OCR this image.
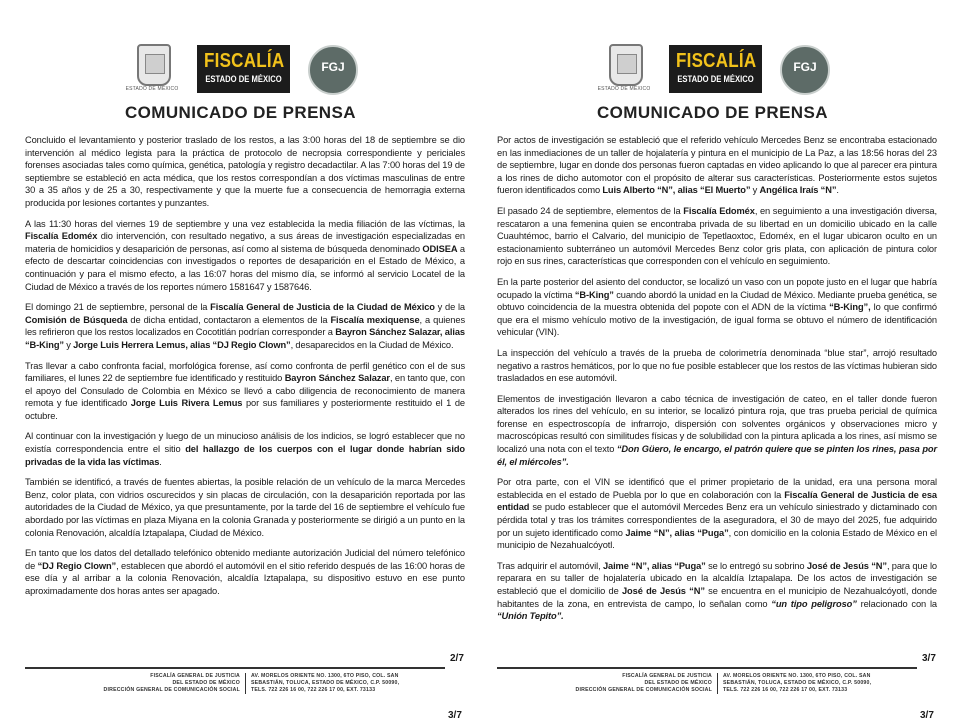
ESTADO DE MÉXICO
FISCALÍA
ESTADO DE MÉXICO
FGJ
COMUNICADO DE PRENSA

Concluido el levantamiento y posterior traslado de los restos, a las 3:00 horas del 18 de septiembre se dio intervención al médico legista para la práctica de protocolo de necropsia correspondiente y periciales forenses asociadas tales como química, genética, patología y registro decadactilar. A las 7:00 horas del 19 de septiembre se estableció en acta médica, que los restos correspondían a dos víctimas masculinas de entre 30 a 35 años y de 25 a 30, respectivamente y que la muerte fue a consecuencia de hemorragia externa producida por lesiones cortantes y punzantes.

A las 11:30 horas del viernes 19 de septiembre y una vez establecida la media filiación de las víctimas, la Fiscalía Edoméx dio intervención, con resultado negativo, a sus áreas de investigación especializadas en materia de homicidios y desaparición de personas, así como al sistema de búsqueda denominado ODISEA a efecto de descartar coincidencias con investigados o reportes de desaparición en el Estado de México, a continuación y para el mismo efecto, a las 16:07 horas del mismo día, se informó al servicio Locatel de la Ciudad de México a través de los reportes número 1581647 y 1587646.

El domingo 21 de septiembre, personal de la Fiscalía General de Justicia de la Ciudad de México y de la Comisión de Búsqueda de dicha entidad, contactaron a elementos de la Fiscalía mexiquense, a quienes les refirieron que los restos localizados en Cocotitlán podrían corresponder a Bayron Sánchez Salazar, alias “B-King” y Jorge Luis Herrera Lemus, alias “DJ Regio Clown”, desaparecidos en la Ciudad de México.

Tras llevar a cabo confronta facial, morfológica forense, así como confronta de perfil genético con el de sus familiares, el lunes 22 de septiembre fue identificado y restituido Bayron Sánchez Salazar, en tanto que, con el apoyo del Consulado de Colombia en México se llevó a cabo diligencia de reconocimiento de manera remota y fue identificado Jorge Luis Rivera Lemus por sus familiares y posteriormente restituido el 1 de octubre.

Al continuar con la investigación y luego de un minucioso análisis de los indicios, se logró establecer que no existía correspondencia entre el sitio del hallazgo de los cuerpos con el lugar donde habrían sido privadas de la vida las víctimas.

También se identificó, a través de fuentes abiertas, la posible relación de un vehículo de la marca Mercedes Benz, color plata, con vidrios oscurecidos y sin placas de circulación, con la desaparición reportada por las autoridades de la Ciudad de México, ya que presuntamente, por la tarde del 16 de septiembre el vehículo fue abordado por las víctimas en plaza Miyana en la colonia Granada y posteriormente se dirigió a un punto en la colonia Renovación, alcaldía Iztapalapa, Ciudad de México.

En tanto que los datos del detallado telefónico obtenido mediante autorización Judicial del número telefónico de “DJ Regio Clown”, establecen que abordó el automóvil en el sitio referido después de las 16:00 horas de ese día y al arribar a la colonia Renovación, alcaldía Iztapalapa, su dispositivo estuvo en ese punto aproximadamente dos horas antes ser apagado.

2/7
FISCALÍA GENERAL DE JUSTICIA
DEL ESTADO DE MÉXICO
DIRECCIÓN GENERAL DE COMUNICACIÓN SOCIAL
AV. MORELOS ORIENTE NO. 1300, 6TO PISO, COL. SAN
SEBASTIÁN, TOLUCA, ESTADO DE MÉXICO, C.P. 50090,
TELS. 722 226 16 00, 722 226 17 00, EXT. 73133
3/7
ESTADO DE MÉXICO
FISCALÍA
ESTADO DE MÉXICO
FGJ
COMUNICADO DE PRENSA

Por actos de investigación se estableció que el referido vehículo Mercedes Benz se encontraba estacionado en las inmediaciones de un taller de hojalatería y pintura en el municipio de La Paz, a las 18:56 horas del 23 de septiembre, lugar en donde dos personas fueron captadas en video aplicando lo que al parecer era pintura a los rines de dicho automotor con el propósito de alterar sus características. Posteriormente estos sujetos fueron identificados como Luis Alberto “N”, alias “El Muerto” y Angélica Iraís “N”.

El pasado 24 de septiembre, elementos de la Fiscalía Edoméx, en seguimiento a una investigación diversa, rescataron a una femenina quien se encontraba privada de su libertad en un domicilio ubicado en la calle Cuauhtémoc, barrio el Calvario, del municipio de Tepetlaoxtoc, Edoméx, en el lugar ubicaron oculto en un estacionamiento subterráneo un automóvil Mercedes Benz color gris plata, con aplicación de pintura color rojo en sus rines, características que corresponden con el vehículo en seguimiento.

En la parte posterior del asiento del conductor, se localizó un vaso con un popote justo en el lugar que habría ocupado la víctima “B-King” cuando abordó la unidad en la Ciudad de México. Mediante prueba genética, se obtuvo coincidencia de la muestra obtenida del popote con el ADN de la víctima “B-King”, lo que confirmó que era el mismo vehículo motivo de la investigación, de igual forma se obtuvo el número de identificación vehicular (VIN).

La inspección del vehículo a través de la prueba de colorimetría denominada “blue star”, arrojó resultado negativo a rastros hemáticos, por lo que no fue posible establecer que los restos de las víctimas hubieran sido trasladados en ese automóvil.

Elementos de investigación llevaron a cabo técnica de investigación de cateo, en el taller donde fueron alterados los rines del vehículo, en su interior, se localizó pintura roja, que tras prueba pericial de química forense en espectroscopía de infrarrojo, dispersión con solventes orgánicos y observaciones micro y macroscópicas resultó con similitudes físicas y de solubilidad con la pintura aplicada a los rines, así mismo se localizó una nota con el texto “Don Güero, le encargo, el patrón quiere que se pinten los rines, pasa por él, el miércoles”.

Por otra parte, con el VIN se identificó que el primer propietario de la unidad, era una persona moral establecida en el estado de Puebla por lo que en colaboración con la Fiscalía General de Justicia de esa entidad se pudo establecer que el automóvil Mercedes Benz era un vehículo siniestrado y dictaminado con pérdida total y tras los trámites correspondientes de la aseguradora, el 30 de mayo del 2025, fue adquirido por un sujeto identificado como Jaime “N”, alias “Puga”, con domicilio en la colonia Estado de México en el municipio de Nezahualcóyotl.

Tras adquirir el automóvil, Jaime “N”, alias “Puga” se lo entregó su sobrino José de Jesús “N”, para que lo reparara en su taller de hojalatería ubicado en la alcaldía Iztapalapa. De los actos de investigación se estableció que el domicilio de José de Jesús “N” se encuentra en el municipio de Nezahualcóyotl, donde habitantes de la zona, en entrevista de campo, lo señalan como “un tipo peligroso” relacionado con la “Unión Tepito”.

3/7
FISCALÍA GENERAL DE JUSTICIA
DEL ESTADO DE MÉXICO
DIRECCIÓN GENERAL DE COMUNICACIÓN SOCIAL
AV. MORELOS ORIENTE NO. 1300, 6TO PISO, COL. SAN
SEBASTIÁN, TOLUCA, ESTADO DE MÉXICO, C.P. 50090,
TELS. 722 226 16 00, 722 226 17 00, EXT. 73133
3/7
